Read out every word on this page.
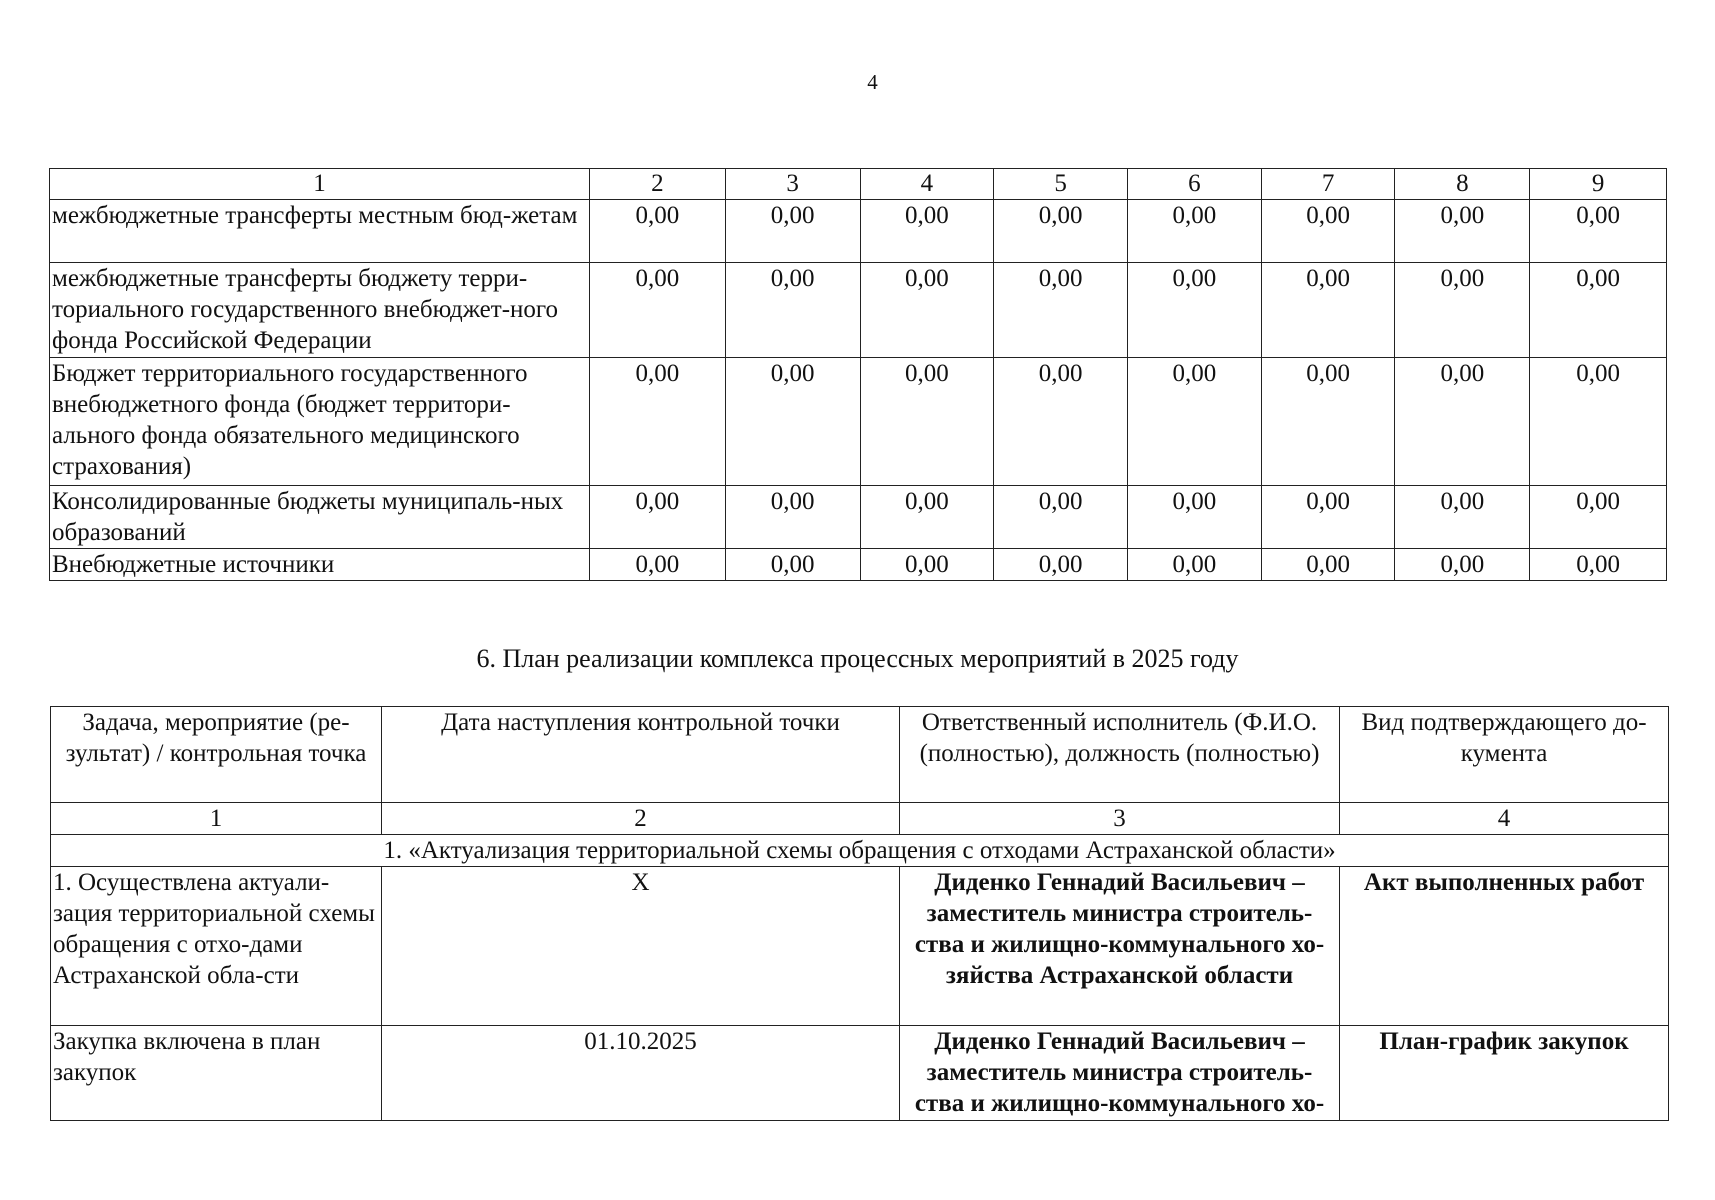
4
1	2	3	4	5	6	7	8	9
межбюджетные трансферты местным бюд-жетам	0,00	0,00	0,00	0,00	0,00	0,00	0,00	0,00
межбюджетные трансферты бюджету терри-ториального государственного внебюджет-ного фонда Российской Федерации	0,00	0,00	0,00	0,00	0,00	0,00	0,00	0,00
Бюджет территориального государственного внебюджетного фонда (бюджет территори-ального фонда обязательного медицинского страхования)	0,00	0,00	0,00	0,00	0,00	0,00	0,00	0,00
Консолидированные бюджеты муниципаль-ных образований	0,00	0,00	0,00	0,00	0,00	0,00	0,00	0,00
Внебюджетные источники	0,00	0,00	0,00	0,00	0,00	0,00	0,00	0,00
6. План реализации комплекса процессных мероприятий в 2025 году
Задача, мероприятие (ре-зультат) / контрольная точка	Дата наступления контрольной точки	Ответственный исполнитель (Ф.И.О. (полностью), должность (полностью)	Вид подтверждающего до-кумента
1	2	3	4
1. «Актуализация территориальной схемы обращения с отходами Астраханской области»			
1. Осуществлена актуали-зация территориальной схемы обращения с отхо-дами Астраханской обла-сти	X	Диденко Геннадий Васильевич – заместитель министра строитель-ства и жилищно-коммунального хо-зяйства Астраханской области	Акт выполненных работ
Закупка включена в план закупок	01.10.2025	Диденко Геннадий Васильевич – заместитель министра строитель-ства и жилищно-коммунального хо-	План-график закупок
